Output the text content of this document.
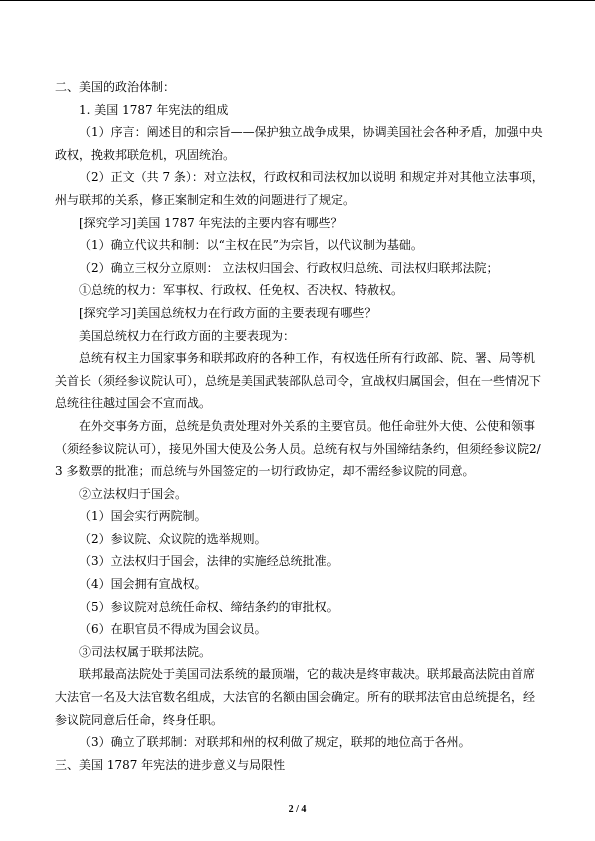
二、美国的政治体制：

1. 美国 1787 年宪法的组成

（1）序言：阐述目的和宗旨——保护独立战争成果，协调美国社会各种矛盾，加强中央政权，挽救邦联危机，巩固统治。

（2）正文（共 7 条）：对立法权，行政权和司法权加以说明 和规定并对其他立法事项，州与联邦的关系，修正案制定和生效的问题进行了规定。

[探究学习]美国 1787 年宪法的主要内容有哪些？

（1）确立代议共和制：以“主权在民”为宗旨，以代议制为基础。

（2）确立三权分立原则： 立法权归国会、行政权归总统、司法权归联邦法院；

①总统的权力：军事权、行政权、任免权、否决权、特赦权。

[探究学习]美国总统权力在行政方面的主要表现有哪些？

美国总统权力在行政方面的主要表现为：

总统有权主力国家事务和联邦政府的各种工作，有权选任所有行政部、院、署、局等机关首长（须经参议院认可），总统是美国武装部队总司令，宣战权归属国会，但在一些情况下总统往往越过国会不宣而战。

在外交事务方面，总统是负责处理对外关系的主要官员。他任命驻外大使、公使和领事（须经参议院认可），接见外国大使及公务人员。总统有权与外国缔结条约，但须经参议院2/3 多数票的批准；而总统与外国签定的一切行政协定，却不需经参议院的同意。

②立法权归于国会。

（1）国会实行两院制。

（2）参议院、众议院的选举规则。

（3）立法权归于国会，法律的实施经总统批准。

（4）国会拥有宣战权。

（5）参议院对总统任命权、缔结条约的审批权。

（6）在职官员不得成为国会议员。

③司法权属于联邦法院。

联邦最高法院处于美国司法系统的最顶端，它的裁决是终审裁决。联邦最高法院由首席大法官一名及大法官数名组成，大法官的名额由国会确定。所有的联邦法官由总统提名，经参议院同意后任命，终身任职。

（3）确立了联邦制：对联邦和州的权利做了规定，联邦的地位高于各州。

三、美国 1787 年宪法的进步意义与局限性

2 / 4
